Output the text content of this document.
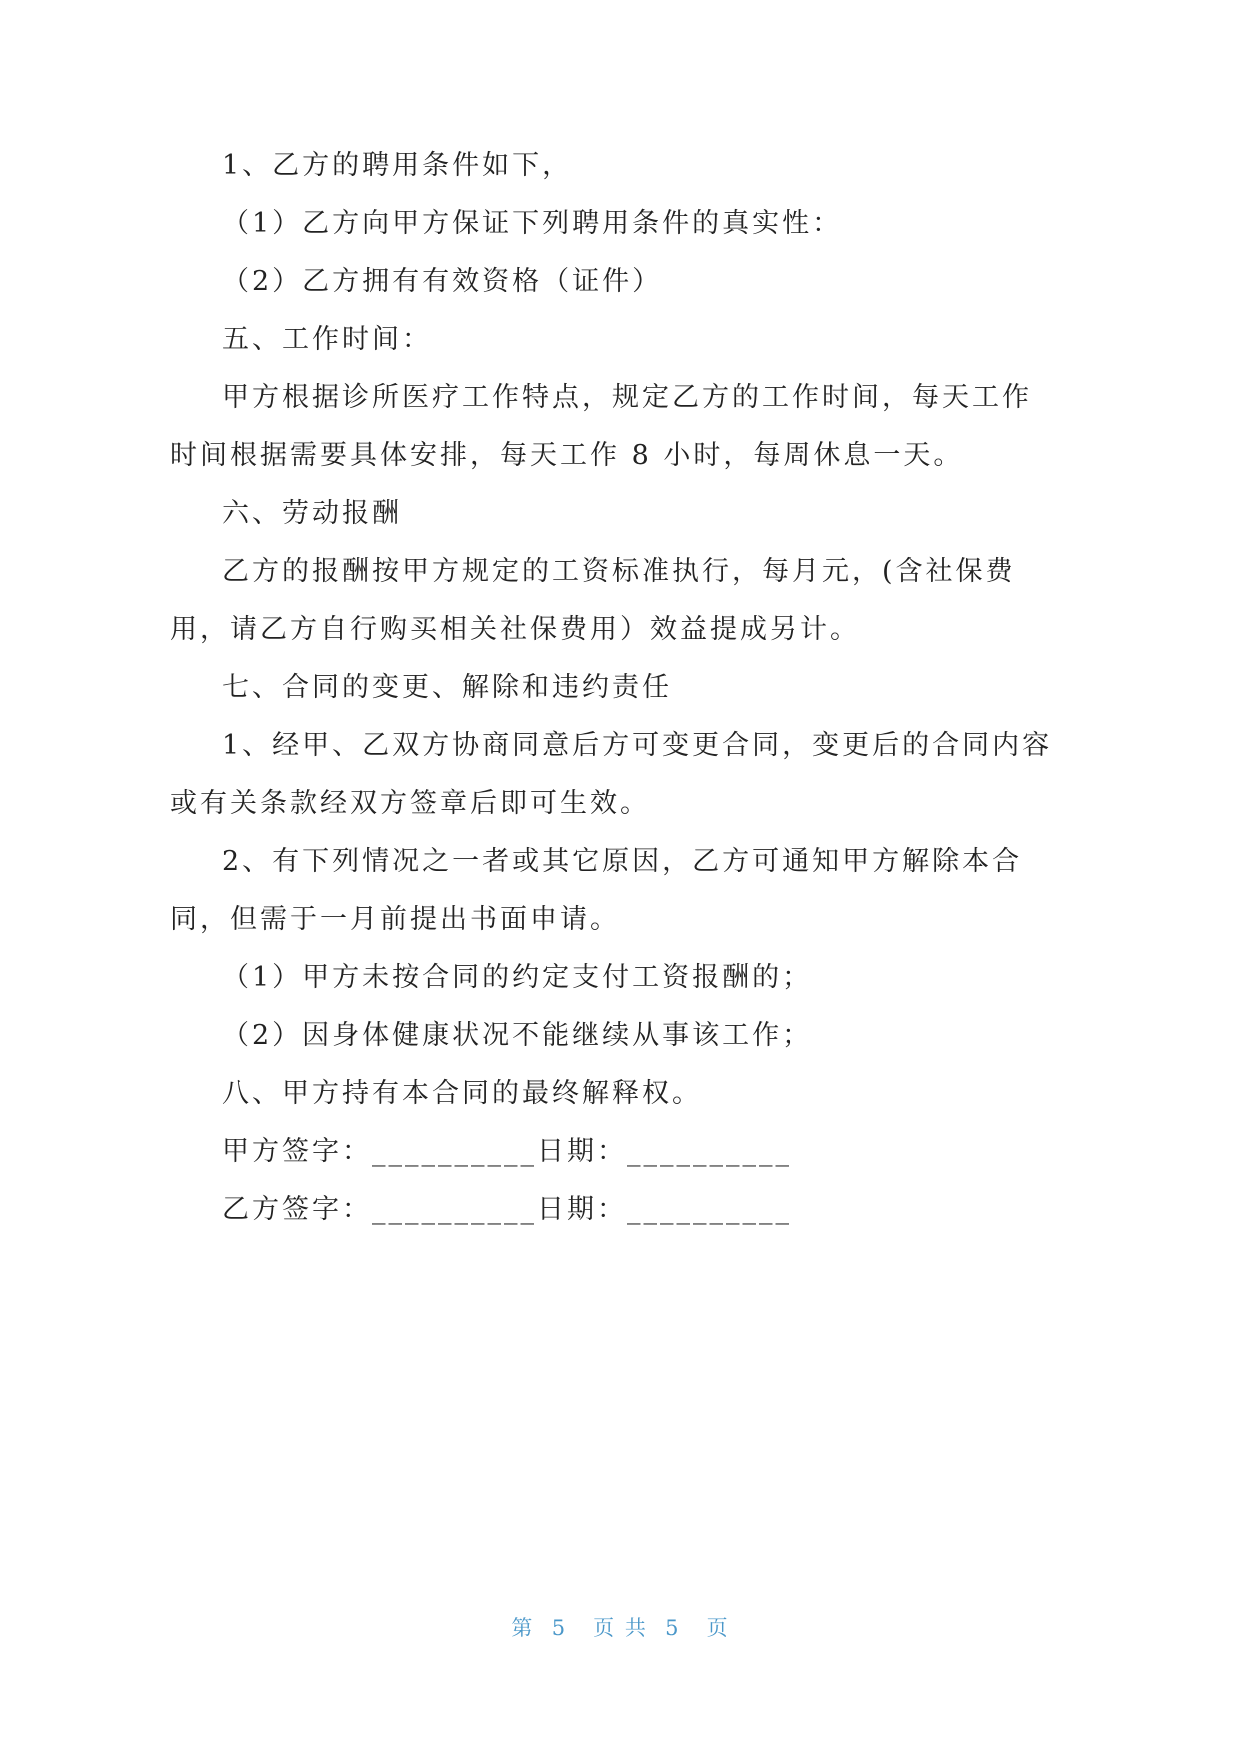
1、乙方的聘用条件如下，
（1）乙方向甲方保证下列聘用条件的真实性：
（2）乙方拥有有效资格（证件）
五、工作时间：
甲方根据诊所医疗工作特点，规定乙方的工作时间，每天工作
时间根据需要具体安排，每天工作 8 小时，每周休息一天。
六、劳动报酬
乙方的报酬按甲方规定的工资标准执行，每月元，(含社保费
用，请乙方自行购买相关社保费用）效益提成另计。
七、合同的变更、解除和违约责任
1、经甲、乙双方协商同意后方可变更合同，变更后的合同内容
或有关条款经双方签章后即可生效。
2、有下列情况之一者或其它原因，乙方可通知甲方解除本合
同，但需于一月前提出书面申请。
（1）甲方未按合同的约定支付工资报酬的；
（2）因身体健康状况不能继续从事该工作；
八、甲方持有本合同的最终解释权。
甲方签字：__________日期：__________
乙方签字：__________日期：__________
第  5   页 共  5   页
